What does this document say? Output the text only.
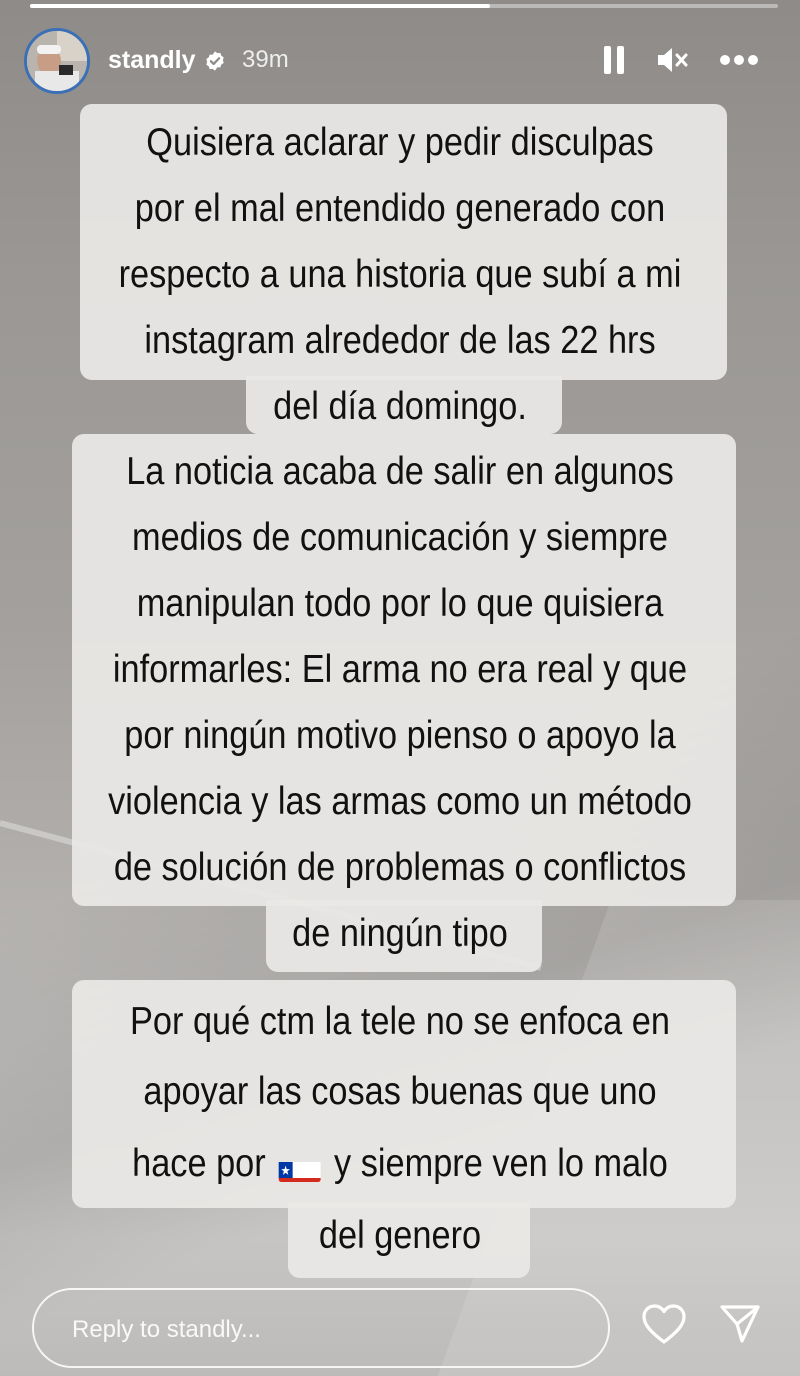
standly 39m
Quisiera aclarar y pedir disculpas
por el mal entendido generado con
respecto a una historia que subí a mi
instagram alrededor de las 22 hrs
del día domingo.
La noticia acaba de salir en algunos
medios de comunicación y siempre
manipulan todo por lo que quisiera
informarles: El arma no era real y que
por ningún motivo pienso o apoyo la
violencia y las armas como un método
de solución de problemas o conflictos
de ningún tipo
Por qué ctm la tele no se enfoca en
apoyar las cosas buenas que uno
hace por y siempre ven lo malo
del genero
Reply to standly...
